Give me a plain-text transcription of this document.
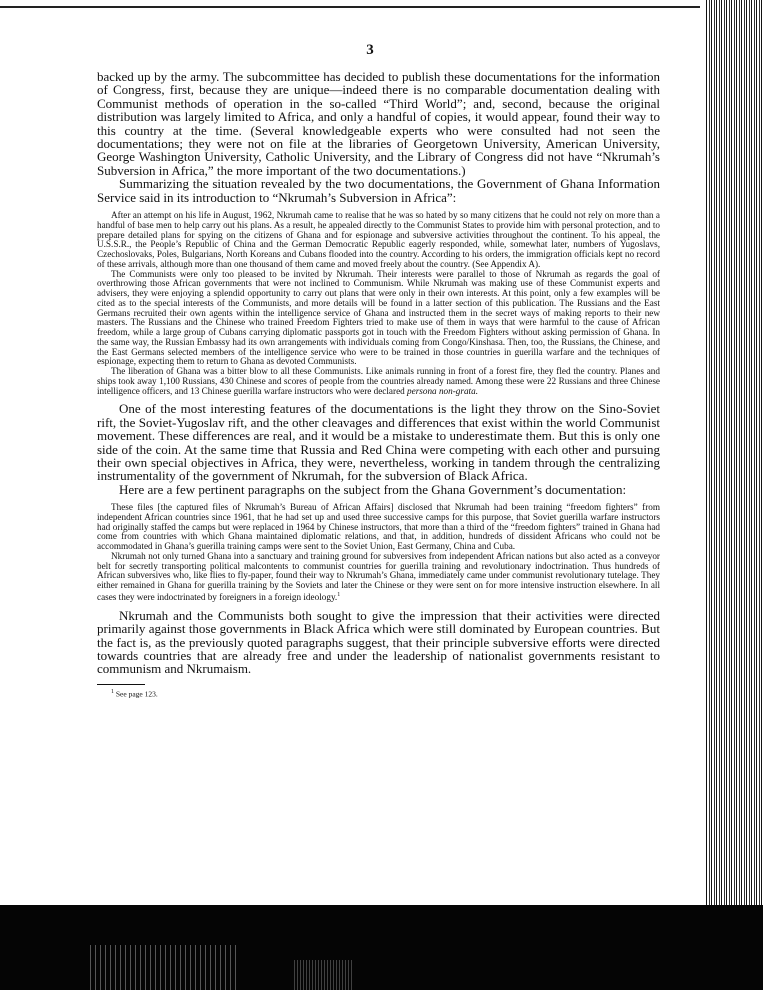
3

backed up by the army. The subcommittee has decided to publish these documentations for the information of Congress, first, because they are unique—indeed there is no comparable documentation dealing with Communist methods of operation in the so-called “Third World”; and, second, because the original distribution was largely limited to Africa, and only a handful of copies, it would appear, found their way to this country at the time. (Several knowledgeable experts who were consulted had not seen the documentations; they were not on file at the libraries of Georgetown University, American University, George Washington University, Catholic University, and the Library of Congress did not have “Nkrumah’s Subversion in Africa,” the more important of the two documentations.)

Summarizing the situation revealed by the two documentations, the Government of Ghana Information Service said in its introduction to “Nkrumah’s Subversion in Africa”:

After an attempt on his life in August, 1962, Nkrumah came to realise that he was so hated by so many citizens that he could not rely on more than a handful of base men to help carry out his plans. As a result, he appealed directly to the Communist States to provide him with personal protection, and to prepare detailed plans for spying on the citizens of Ghana and for espionage and subversive activities throughout the continent. To his appeal, the U.S.S.R., the People’s Republic of China and the German Democratic Republic eagerly responded, while, somewhat later, numbers of Yugoslavs, Czechoslovaks, Poles, Bulgarians, North Koreans and Cubans flooded into the country. According to his orders, the immigration officials kept no record of these arrivals, although more than one thousand of them came and moved freely about the country. (See Appendix A).

The Communists were only too pleased to be invited by Nkrumah. Their interests were parallel to those of Nkrumah as regards the goal of overthrowing those African governments that were not inclined to Communism. While Nkrumah was making use of these Communist experts and advisers, they were enjoying a splendid opportunity to carry out plans that were only in their own interests. At this point, only a few examples will be cited as to the special interests of the Communists, and more details will be found in a latter section of this publication. The Russians and the East Germans recruited their own agents within the intelligence service of Ghana and instructed them in the secret ways of making reports to their new masters. The Russians and the Chinese who trained Freedom Fighters tried to make use of them in ways that were harmful to the cause of African freedom, while a large group of Cubans carrying diplomatic passports got in touch with the Freedom Fighters without asking permission of Ghana. In the same way, the Russian Embassy had its own arrangements with individuals coming from Congo/Kinshasa. Then, too, the Russians, the Chinese, and the East Germans selected members of the intelligence service who were to be trained in those countries in guerilla warfare and the techniques of espionage, expecting them to return to Ghana as devoted Communists.

The liberation of Ghana was a bitter blow to all these Communists. Like animals running in front of a forest fire, they fled the country. Planes and ships took away 1,100 Russians, 430 Chinese and scores of people from the countries already named. Among these were 22 Russians and three Chinese intelligence officers, and 13 Chinese guerilla warfare instructors who were declared persona non-grata.

One of the most interesting features of the documentations is the light they throw on the Sino-Soviet rift, the Soviet-Yugoslav rift, and the other cleavages and differences that exist within the world Communist movement. These differences are real, and it would be a mistake to underestimate them. But this is only one side of the coin. At the same time that Russia and Red China were competing with each other and pursuing their own special objectives in Africa, they were, nevertheless, working in tandem through the centralizing instrumentality of the government of Nkrumah, for the subversion of Black Africa.

Here are a few pertinent paragraphs on the subject from the Ghana Government’s documentation:

These files [the captured files of Nkrumah’s Bureau of African Affairs] disclosed that Nkrumah had been training “freedom fighters” from independent African countries since 1961, that he had set up and used three successive camps for this purpose, that Soviet guerilla warfare instructors had originally staffed the camps but were replaced in 1964 by Chinese instructors, that more than a third of the “freedom fighters” trained in Ghana had come from countries with which Ghana maintained diplomatic relations, and that, in addition, hundreds of dissident Africans who could not be accommodated in Ghana’s guerilla training camps were sent to the Soviet Union, East Germany, China and Cuba.

Nkrumah not only turned Ghana into a sanctuary and training ground for subversives from independent African nations but also acted as a conveyor belt for secretly transporting political malcontents to communist countries for guerilla training and revolutionary indoctrination. Thus hundreds of African subversives who, like flies to fly-paper, found their way to Nkrumah’s Ghana, immediately came under communist revolutionary tutelage. They either remained in Ghana for guerilla training by the Soviets and later the Chinese or they were sent on for more intensive instruction elsewhere. In all cases they were indoctrinated by foreigners in a foreign ideology.$^1$

Nkrumah and the Communists both sought to give the impression that their activities were directed primarily against those governments in Black Africa which were still dominated by European countries. But the fact is, as the previously quoted paragraphs suggest, that their principle subversive efforts were directed towards countries that are already free and under the leadership of nationalist governments resistant to communism and Nkrumaism.

$^1$ See page 123.
